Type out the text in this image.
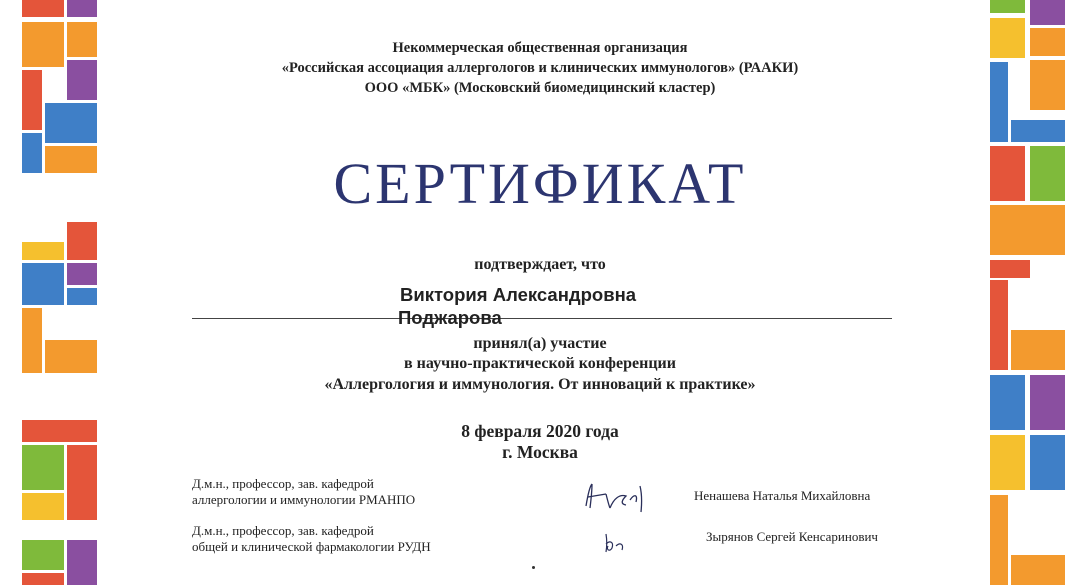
Некоммерческая общественная организация
«Российская ассоциация аллергологов и клинических иммунологов» (РААКИ)
ООО «МБК» (Московский биомедицинский кластер)
СЕРТИФИКАТ
подтверждает, что
Виктория Александровна
Поджарова
принял(а) участие
в научно-практической конференции
«Аллергология и иммунология. От инноваций к практике»
8 февраля 2020 года
г. Москва
Д.м.н., профессор, зав. кафедрой
аллергологии и иммунологии РМАНПО	Ненашева Наталья Михайловна
Д.м.н., профессор, зав. кафедрой
общей и клинической фармакологии РУДН
Зырянов Сергей Кенсаринович
